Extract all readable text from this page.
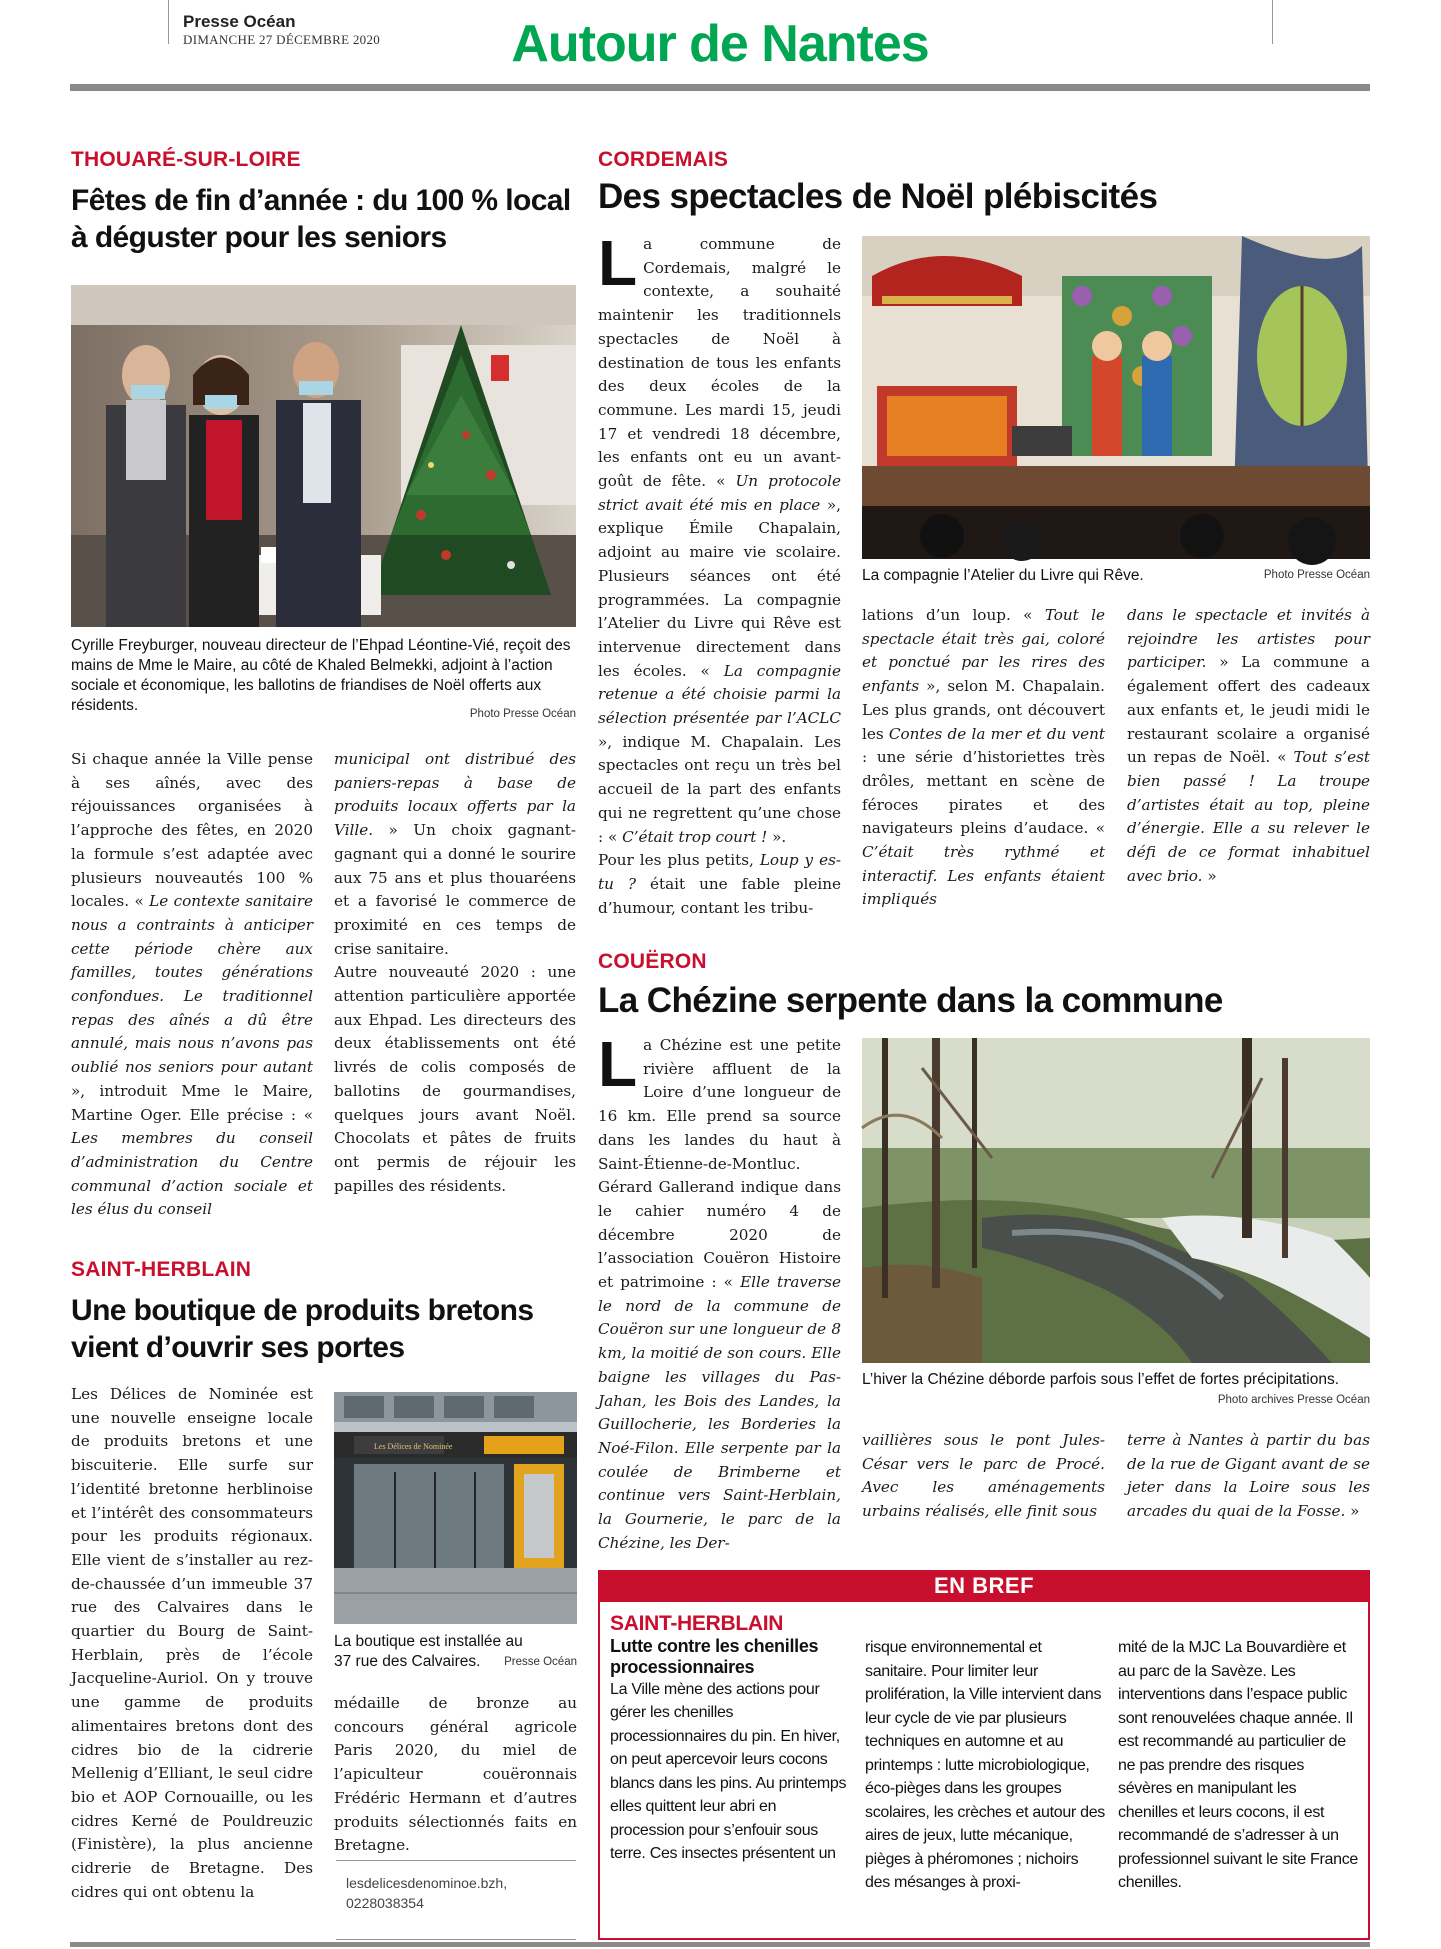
Presse Océan
DIMANCHE 27 DÉCEMBRE 2020	Autour de Nantes
THOUARÉ-SUR-LOIRE
Fêtes de fin d’année : du 100 % local
à déguster pour les seniors
Cyrille Freyburger, nouveau directeur de l’Ehpad Léontine-Vié, reçoit des mains de Mme le Maire, au côté de Khaled Belmekki, adjoint à l’action sociale et économique, les ballotins de friandises de Noël offerts aux résidents.	Photo Presse Océan

Si chaque année la Ville pense à ses aînés, avec des réjouissances organisées à l’approche des fêtes, en 2020 la formule s’est adaptée avec plusieurs nouveautés 100 % locales. « Le contexte sanitaire nous a contraints à anticiper cette période chère aux familles, toutes générations confondues. Le traditionnel repas des aînés a dû être annulé, mais nous n’avons pas oublié nos seniors pour autant », introduit Mme le Maire, Martine Oger. Elle précise : « Les membres du conseil d’administration du Centre communal d’action sociale et les élus du conseil

municipal ont distribué des paniers-repas à base de produits locaux offerts par la Ville. » Un choix gagnant-gagnant qui a donné le sourire aux 75 ans et plus thouaréens et a favorisé le commerce de proximité en ces temps de crise sanitaire.

Autre nouveauté 2020 : une attention particulière apportée aux Ehpad. Les directeurs des deux établissements ont été livrés de colis composés de ballotins de gourmandises, quelques jours avant Noël. Chocolats et pâtes de fruits ont permis de réjouir les papilles des résidents.

SAINT-HERBLAIN
Une boutique de produits bretons
vient d’ouvrir ses portes

Les Délices de Nominée est une nouvelle enseigne locale de produits bretons et une biscuiterie. Elle surfe sur l’identité bretonne herblinoise et l’intérêt des consommateurs pour les produits régionaux. Elle vient de s’installer au rez-de-chaussée d’un immeuble 37 rue des Calvaires dans le quartier du Bourg de Saint-Herblain, près de l’école Jacqueline-Auriol. On y trouve une gamme de produits alimentaires bretons dont des cidres bio de la cidrerie Mellenig d’Elliant, le seul cidre bio et AOP Cornouaille, ou les cidres Kerné de Pouldreuzic (Finistère), la plus ancienne cidrerie de Bretagne. Des cidres qui ont obtenu la

Les Délices de Nominée
La boutique est installée au 37 rue des Calvaires.	Presse Océan

médaille de bronze au concours général agricole Paris 2020, du miel de l’apiculteur couëronnais Frédéric Hermann et d’autres produits sélectionnés faits en Bretagne.

lesdelicesdenominoe.bzh,
0228038354
CORDEMAIS
Des spectacles de Noël plébiscités

La commune de Cordemais, malgré le contexte, a souhaité maintenir les traditionnels spectacles de Noël à destination de tous les enfants des deux écoles de la commune. Les mardi 15, jeudi 17 et vendredi 18 décembre, les enfants ont eu un avant-goût de fête. « Un protocole strict avait été mis en place », explique Émile Chapalain, adjoint au maire vie scolaire. Plusieurs séances ont été programmées. La compagnie l’Atelier du Livre qui Rêve est intervenue directement dans les écoles. « La compagnie retenue a été choisie parmi la sélection présentée par l’ACLC », indique M. Chapalain. Les spectacles ont reçu un très bel accueil de la part des enfants qui ne regrettent qu’une chose : « C’était trop court ! ».

Pour les plus petits, Loup y es-tu ? était une fable pleine d’humour, contant les tribu-

La compagnie l’Atelier du Livre qui Rêve.	Photo Presse Océan

lations d’un loup. « Tout le spectacle était très gai, coloré et ponctué par les rires des enfants », selon M. Chapalain. Les plus grands, ont découvert les Contes de la mer et du vent : une série d’historiettes très drôles, mettant en scène de féroces pirates et des navigateurs pleins d’audace. « C’était très rythmé et interactif. Les enfants étaient impliqués

dans le spectacle et invités à rejoindre les artistes pour participer. » La commune a également offert des cadeaux aux enfants et, le jeudi midi le restaurant scolaire a organisé un repas de Noël. « Tout s’est bien passé ! La troupe d’artistes était au top, pleine d’énergie. Elle a su relever le défi de ce format inhabituel avec brio. »

COUËRON
La Chézine serpente dans la commune

La Chézine est une petite rivière affluent de la Loire d’une longueur de 16 km. Elle prend sa source dans les landes du haut à Saint-Étienne-de-Montluc. Gérard Gallerand indique dans le cahier numéro 4 de décembre 2020 de l’association Couëron Histoire et patrimoine : « Elle traverse le nord de la commune de Couëron sur une longueur de 8 km, la moitié de son cours. Elle baigne les villages du Pas-Jahan, les Bois des Landes, la Guillocherie, les Borderies la Noé-Filon. Elle serpente par la coulée de Brimberne et continue vers Saint-Herblain, la Gournerie, le parc de la Chézine, les Der-

L’hiver la Chézine déborde parfois sous l’effet de fortes précipitations.
Photo archives Presse Océan

vaillières sous le pont Jules-César vers le parc de Procé. Avec les aménagements urbains réalisés, elle finit sous

terre à Nantes à partir du bas de la rue de Gigant avant de se jeter dans la Loire sous les arcades du quai de la Fosse. »

EN BREF
SAINT-HERBLAIN
Lutte contre les chenilles processionnaires
La Ville mène des actions pour gérer les chenilles processionnaires du pin. En hiver, on peut apercevoir leurs cocons blancs dans les pins. Au printemps elles quittent leur abri en procession pour s’enfouir sous terre. Ces insectes présentent un
risque environnemental et sanitaire. Pour limiter leur prolifération, la Ville intervient dans leur cycle de vie par plusieurs techniques en automne et au printemps : lutte microbiologique, éco-pièges dans les groupes scolaires, les crèches et autour des aires de jeux, lutte mécanique, pièges à phéromones ; nichoirs des mésanges à proxi-
mité de la MJC La Bouvardière et au parc de la Savèze. Les interventions dans l’espace public sont renouvelées chaque année. Il est recommandé au particulier de ne pas prendre des risques sévères en manipulant les chenilles et leurs cocons, il est recommandé de s’adresser à un professionnel suivant le site France chenilles.
